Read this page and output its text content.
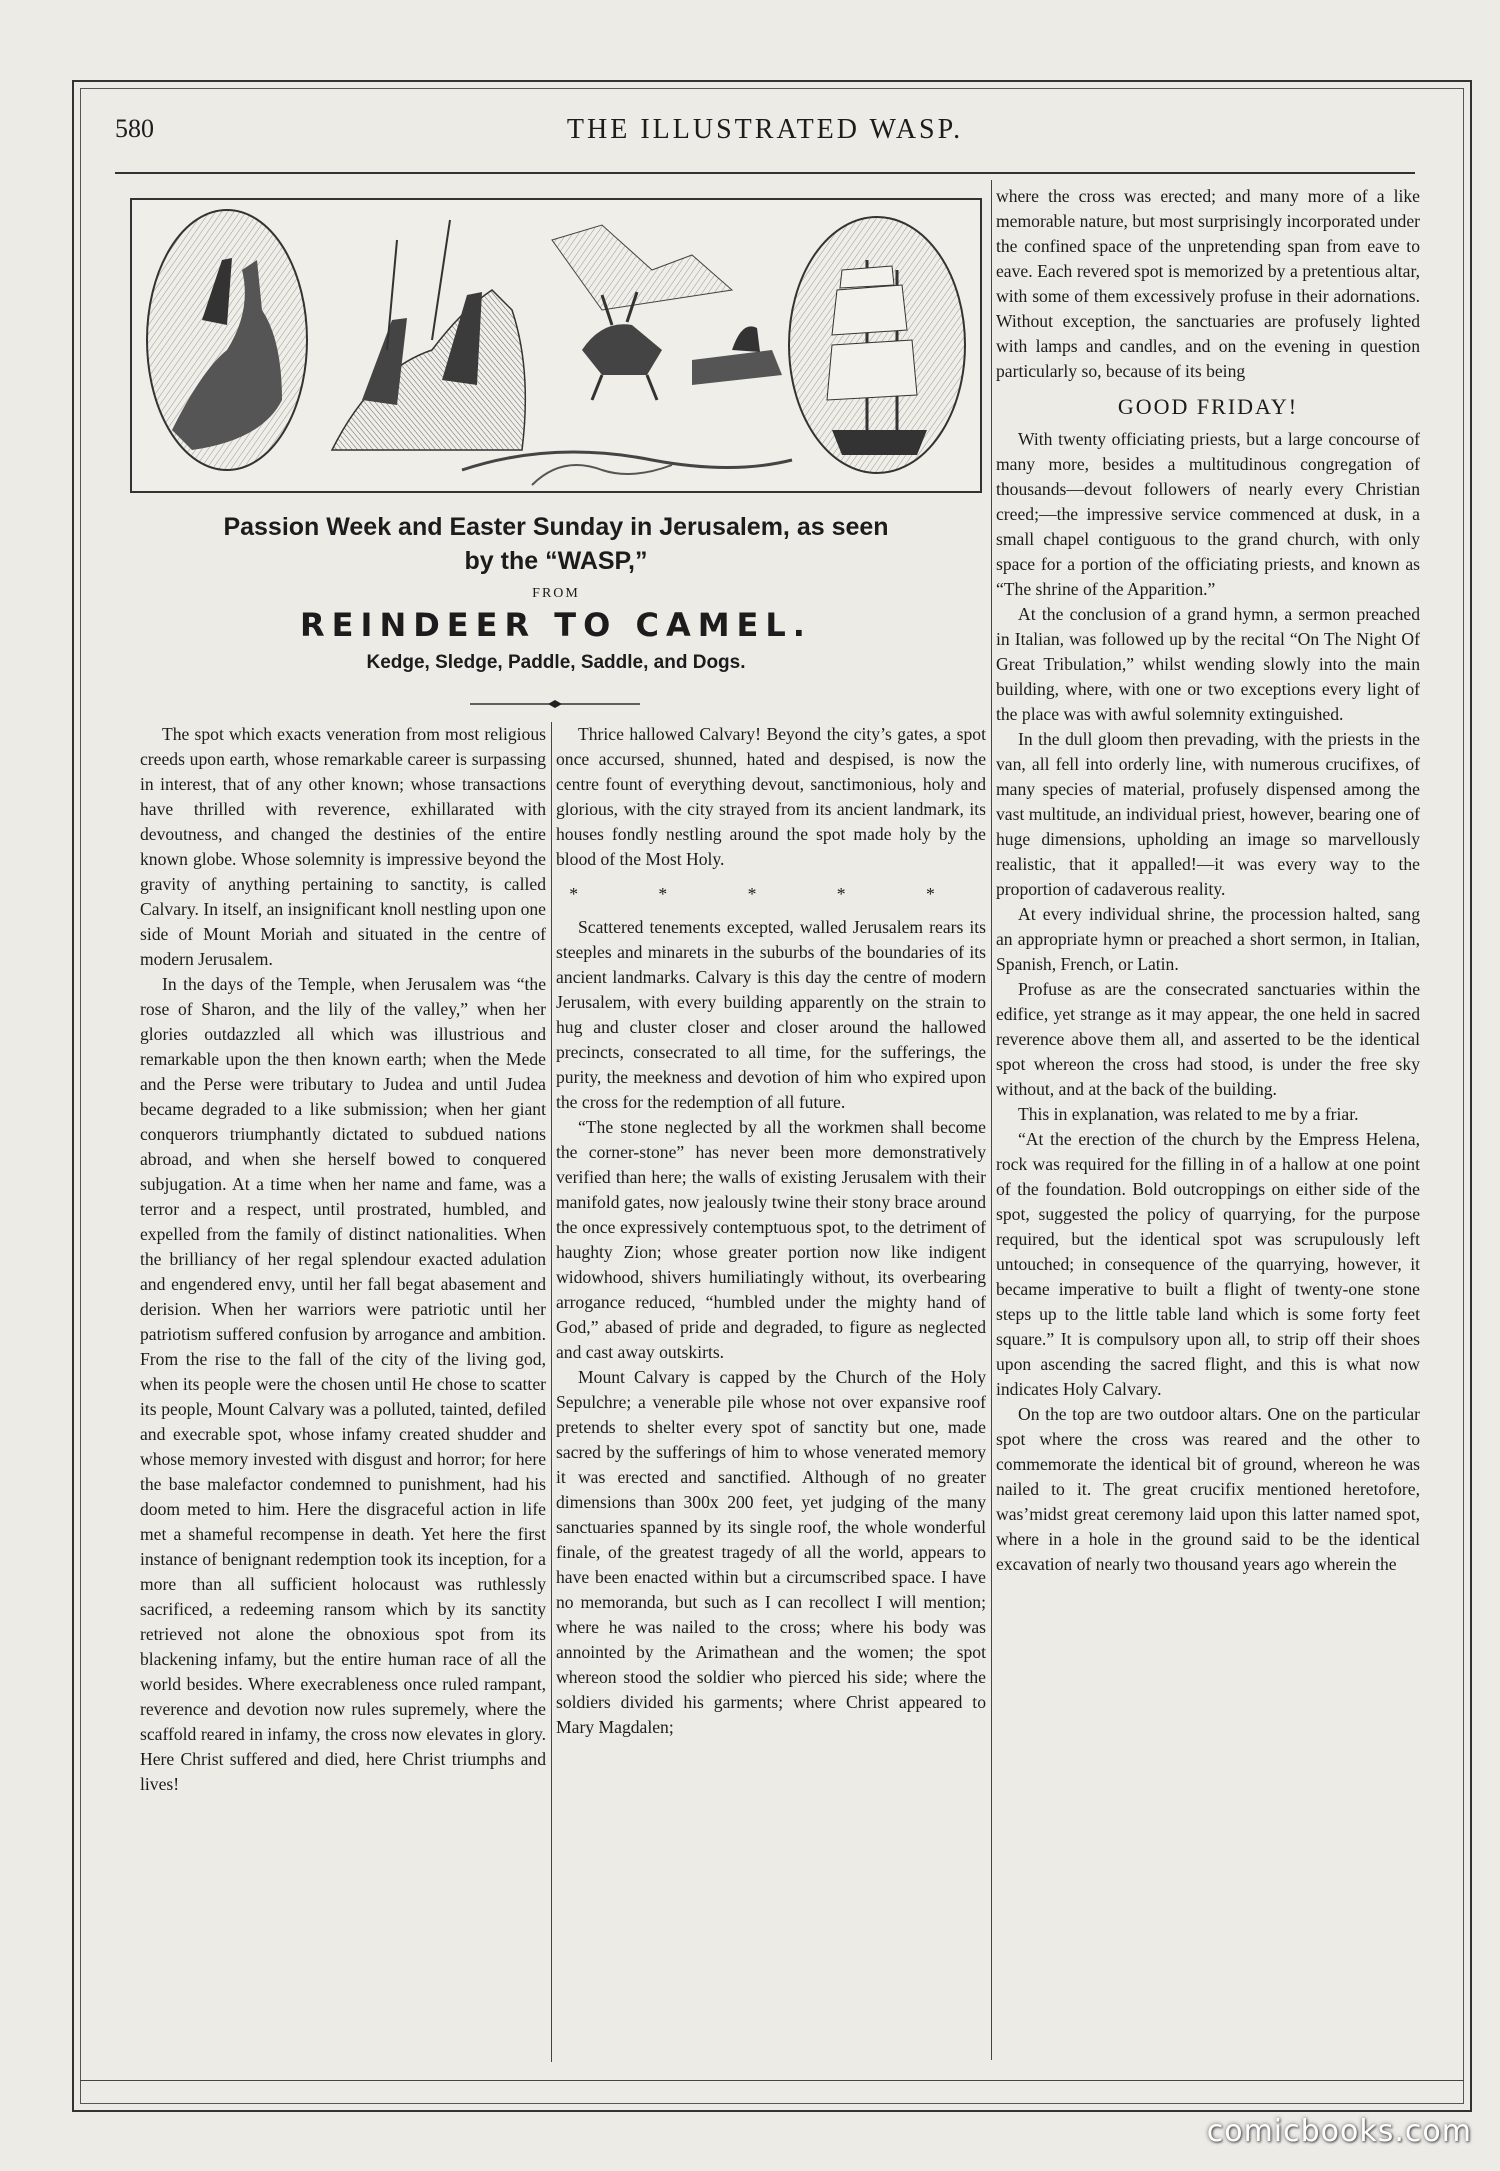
580	THE ILLUSTRATED WASP.

Passion Week and Easter Sunday in Jerusalem, as seen

by the “WASP,”

FROM

REINDEER TO CAMEL.

Kedge, Sledge, Paddle, Saddle, and Dogs.

The spot which exacts veneration from most religious creeds upon earth, whose remarkable career is surpassing in interest, that of any other known; whose transactions have thrilled with reverence, exhillarated with devoutness, and changed the destinies of the entire known globe. Whose solemnity is impressive beyond the gravity of anything pertaining to sanctity, is called Calvary. In itself, an insignificant knoll nestling upon one side of Mount Moriah and situated in the centre of modern Jerusalem.

In the days of the Temple, when Jerusalem was “the rose of Sharon, and the lily of the valley,” when her glories outdazzled all which was illustrious and remarkable upon the then known earth; when the Mede and the Perse were tributary to Judea and until Judea became degraded to a like submission; when her giant conquerors triumphantly dictated to subdued nations abroad, and when she herself bowed to conquered subjugation. At a time when her name and fame, was a terror and a respect, until prostrated, humbled, and expelled from the family of distinct nationalities. When the brilliancy of her regal splendour exacted adulation and engendered envy, until her fall begat abasement and derision. When her warriors were patriotic until her patriotism suffered confusion by arrogance and ambition. From the rise to the fall of the city of the living god, when its people were the chosen until He chose to scatter its people, Mount Calvary was a polluted, tainted, defiled and execrable spot, whose infamy created shudder and whose memory invested with disgust and horror; for here the base malefactor condemned to punishment, had his doom meted to him. Here the disgraceful action in life met a shameful recompense in death. Yet here the first instance of benignant redemption took its inception, for a more than all sufficient holocaust was ruthlessly sacrificed, a redeeming ransom which by its sanctity retrieved not alone the obnoxious spot from its blackening infamy, but the entire human race of all the world besides. Where execrableness once ruled rampant, reverence and devotion now rules supremely, where the scaffold reared in infamy, the cross now elevates in glory. Here Christ suffered and died, here Christ triumphs and lives!

Thrice hallowed Calvary! Beyond the city’s gates, a spot once accursed, shunned, hated and despised, is now the centre fount of everything devout, sanctimonious, holy and glorious, with the city strayed from its ancient landmark, its houses fondly nestling around the spot made holy by the blood of the Most Holy.

* * * * *

Scattered tenements excepted, walled Jerusalem rears its steeples and minarets in the suburbs of the boundaries of its ancient landmarks. Calvary is this day the centre of modern Jerusalem, with every building apparently on the strain to hug and cluster closer and closer around the hallowed precincts, consecrated to all time, for the sufferings, the purity, the meekness and devotion of him who expired upon the cross for the redemption of all future.

“The stone neglected by all the workmen shall become the corner-stone” has never been more demonstratively verified than here; the walls of existing Jerusalem with their manifold gates, now jealously twine their stony brace around the once expressively contemptuous spot, to the detriment of haughty Zion; whose greater portion now like indigent widowhood, shivers humiliatingly without, its overbearing arrogance reduced, “humbled under the mighty hand of God,” abased of pride and degraded, to figure as neglected and cast away outskirts.

Mount Calvary is capped by the Church of the Holy Sepulchre; a venerable pile whose not over expansive roof pretends to shelter every spot of sanctity but one, made sacred by the sufferings of him to whose venerated memory it was erected and sanctified. Although of no greater dimensions than 300x 200 feet, yet judging of the many sanctuaries spanned by its single roof, the whole wonderful finale, of the greatest tragedy of all the world, appears to have been enacted within but a circumscribed space. I have no memoranda, but such as I can recollect I will mention; where he was nailed to the cross; where his body was annointed by the Arimathean and the women; the spot whereon stood the soldier who pierced his side; where the soldiers divided his garments; where Christ appeared to Mary Magdalen;

where the cross was erected; and many more of a like memorable nature, but most surprisingly incorporated under the confined space of the unpretending span from eave to eave. Each revered spot is memorized by a pretentious altar, with some of them excessively profuse in their adornations. Without exception, the sanctuaries are profusely lighted with lamps and candles, and on the evening in question particularly so, because of its being

GOOD FRIDAY!

With twenty officiating priests, but a large concourse of many more, besides a multitudinous congregation of thousands—devout followers of nearly every Christian creed;—the impressive service commenced at dusk, in a small chapel contiguous to the grand church, with only space for a portion of the officiating priests, and known as “The shrine of the Apparition.”

At the conclusion of a grand hymn, a sermon preached in Italian, was followed up by the recital “On The Night Of Great Tribulation,” whilst wending slowly into the main building, where, with one or two exceptions every light of the place was with awful solemnity extinguished.

In the dull gloom then prevading, with the priests in the van, all fell into orderly line, with numerous crucifixes, of many species of material, profusely dispensed among the vast multitude, an individual priest, however, bearing one of huge dimensions, upholding an image so marvellously realistic, that it appalled!—it was every way to the proportion of cadaverous reality.

At every individual shrine, the procession halted, sang an appropriate hymn or preached a short sermon, in Italian, Spanish, French, or Latin.

Profuse as are the consecrated sanctuaries within the edifice, yet strange as it may appear, the one held in sacred reverence above them all, and asserted to be the identical spot whereon the cross had stood, is under the free sky without, and at the back of the building.

This in explanation, was related to me by a friar.

“At the erection of the church by the Empress Helena, rock was required for the filling in of a hallow at one point of the foundation. Bold outcroppings on either side of the spot, suggested the policy of quarrying, for the purpose required, but the identical spot was scrupulously left untouched; in consequence of the quarrying, however, it became imperative to built a flight of twenty-one stone steps up to the little table land which is some forty feet square.” It is compulsory upon all, to strip off their shoes upon ascending the sacred flight, and this is what now indicates Holy Calvary.

On the top are two outdoor altars. One on the particular spot where the cross was reared and the other to commemorate the identical bit of ground, whereon he was nailed to it. The great crucifix mentioned heretofore, was’midst great ceremony laid upon this latter named spot, where in a hole in the ground said to be the identical excavation of nearly two thousand years ago wherein the

comicbooks.com
